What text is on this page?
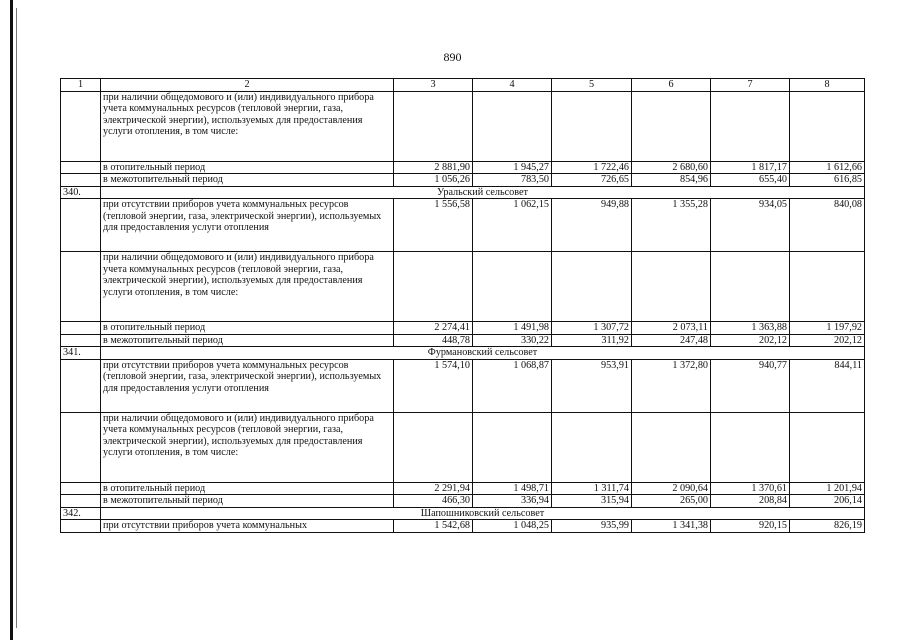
890
1	2	3	4	5	6	7	8
	при наличии общедомового и (или) индивидуального прибора учета коммунальных ресурсов (тепловой энергии, газа, электрической энергии), используемых для предоставления услуги отопления, в том числе:						
	в отопительный период	2 881,90	1 945,27	1 722,46	2 680,60	1 817,17	1 612,66
	в межотопительный период	1 056,26	783,50	726,65	854,96	655,40	616,85
340.	Уральский сельсовет						
	при отсутствии приборов учета коммунальных ресурсов (тепловой энергии, газа, электрической энергии), используемых для предоставления услуги отопления	1 556,58	1 062,15	949,88	1 355,28	934,05	840,08
	при наличии общедомового и (или) индивидуального прибора учета коммунальных ресурсов (тепловой энергии, газа, электрической энергии), используемых для предоставления услуги отопления, в том числе:						
	в отопительный период	2 274,41	1 491,98	1 307,72	2 073,11	1 363,88	1 197,92
	в межотопительный период	448,78	330,22	311,92	247,48	202,12	202,12
341.	Фурмановский сельсовет						
	при отсутствии приборов учета коммунальных ресурсов (тепловой энергии, газа, электрической энергии), используемых для предоставления услуги отопления	1 574,10	1 068,87	953,91	1 372,80	940,77	844,11
	при наличии общедомового и (или) индивидуального прибора учета коммунальных ресурсов (тепловой энергии, газа, электрической энергии), используемых для предоставления услуги отопления, в том числе:						
	в отопительный период	2 291,94	1 498,71	1 311,74	2 090,64	1 370,61	1 201,94
	в межотопительный период	466,30	336,94	315,94	265,00	208,84	206,14
342.	Шапошниковский сельсовет						
	при отсутствии приборов учета коммунальных	1 542,68	1 048,25	935,99	1 341,38	920,15	826,19
